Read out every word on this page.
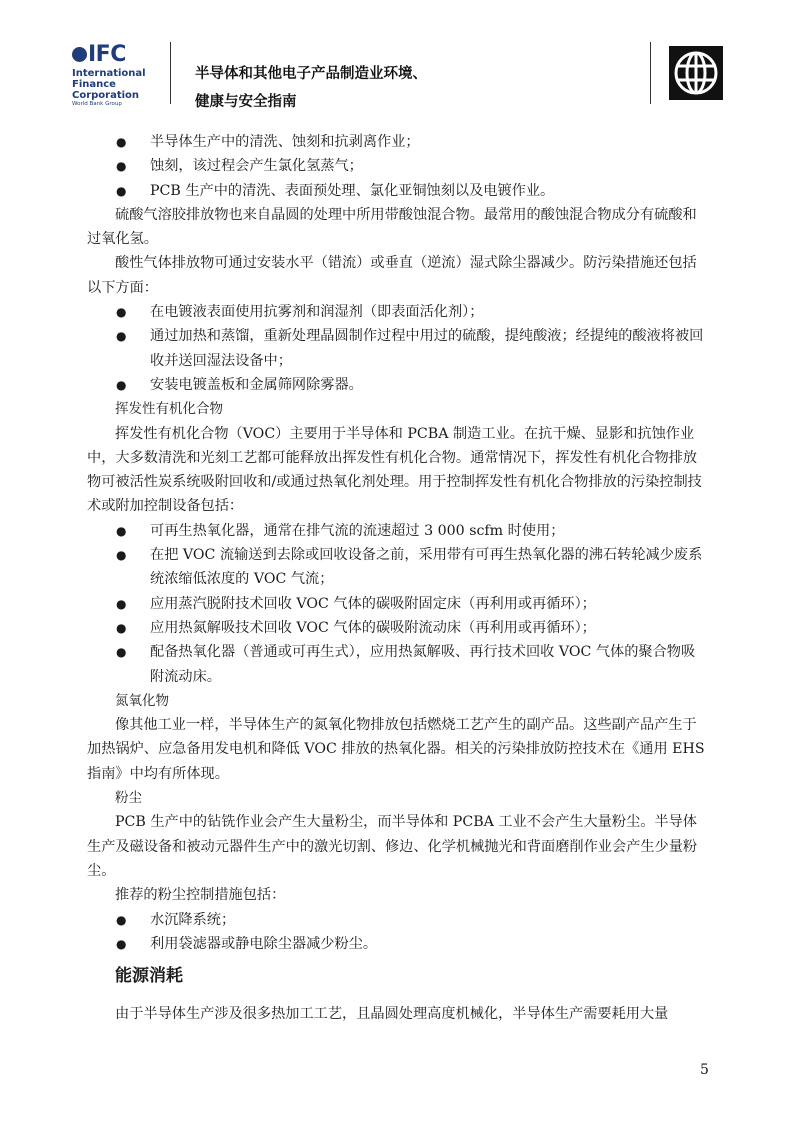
IFC
International
Finance
Corporation
World Bank Group
半导体和其他电子产品制造业环境、
健康与安全指南
● 半导体生产中的清洗、蚀刻和抗剥离作业；
● 蚀刻，该过程会产生氯化氢蒸气；
● PCB 生产中的清洗、表面预处理、氯化亚铜蚀刻以及电镀作业。
硫酸气溶胶排放物也来自晶圆的处理中所用带酸蚀混合物。最常用的酸蚀混合物成分有硫酸和过氧化氢。
酸性气体排放物可通过安装水平（错流）或垂直（逆流）湿式除尘器减少。防污染措施还包括以下方面：
● 在电镀液表面使用抗雾剂和润湿剂（即表面活化剂）；
● 通过加热和蒸馏，重新处理晶圆制作过程中用过的硫酸，提纯酸液；经提纯的酸液将被回收并送回湿法设备中；
● 安装电镀盖板和金属筛网除雾器。
挥发性有机化合物
挥发性有机化合物（VOC）主要用于半导体和 PCBA 制造工业。在抗干燥、显影和抗蚀作业中，大多数清洗和光刻工艺都可能释放出挥发性有机化合物。通常情况下，挥发性有机化合物排放物可被活性炭系统吸附回收和/或通过热氧化剂处理。用于控制挥发性有机化合物排放的污染控制技术或附加控制设备包括：
● 可再生热氧化器，通常在排气流的流速超过 3 000 scfm 时使用；
● 在把 VOC 流输送到去除或回收设备之前，采用带有可再生热氧化器的沸石转轮减少废系统浓缩低浓度的 VOC 气流；
● 应用蒸汽脱附技术回收 VOC 气体的碳吸附固定床（再利用或再循环）；
● 应用热氮解吸技术回收 VOC 气体的碳吸附流动床（再利用或再循环）；
● 配备热氧化器（普通或可再生式），应用热氮解吸、再行技术回收 VOC 气体的聚合物吸附流动床。
氮氧化物
像其他工业一样，半导体生产的氮氧化物排放包括燃烧工艺产生的副产品。这些副产品产生于加热锅炉、应急备用发电机和降低 VOC 排放的热氧化器。相关的污染排放防控技术在《通用 EHS 指南》中均有所体现。
粉尘
PCB 生产中的钻铣作业会产生大量粉尘，而半导体和 PCBA 工业不会产生大量粉尘。半导体生产及磁设备和被动元器件生产中的激光切割、修边、化学机械抛光和背面磨削作业会产生少量粉尘。
推荐的粉尘控制措施包括：
● 水沉降系统；
● 利用袋滤器或静电除尘器减少粉尘。
能源消耗
由于半导体生产涉及很多热加工工艺，且晶圆处理高度机械化，半导体生产需要耗用大量
5
